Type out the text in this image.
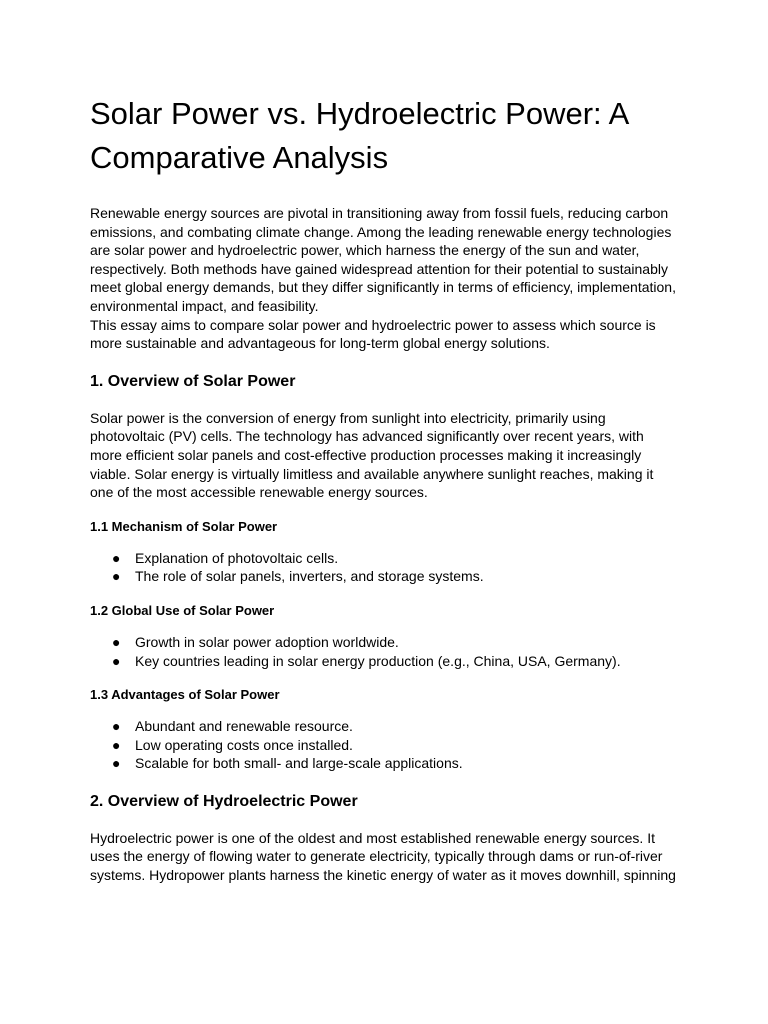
Solar Power vs. Hydroelectric Power: A Comparative Analysis

Renewable energy sources are pivotal in transitioning away from fossil fuels, reducing carbon emissions, and combating climate change. Among the leading renewable energy technologies are solar power and hydroelectric power, which harness the energy of the sun and water, respectively. Both methods have gained widespread attention for their potential to sustainably meet global energy demands, but they differ significantly in terms of efficiency, implementation, environmental impact, and feasibility.

This essay aims to compare solar power and hydroelectric power to assess which source is more sustainable and advantageous for long-term global energy solutions.

1. Overview of Solar Power

Solar power is the conversion of energy from sunlight into electricity, primarily using photovoltaic (PV) cells. The technology has advanced significantly over recent years, with more efficient solar panels and cost-effective production processes making it increasingly viable. Solar energy is virtually limitless and available anywhere sunlight reaches, making it one of the most accessible renewable energy sources.

1.1 Mechanism of Solar Power
● Explanation of photovoltaic cells.
● The role of solar panels, inverters, and storage systems.
1.2 Global Use of Solar Power
● Growth in solar power adoption worldwide.
● Key countries leading in solar energy production (e.g., China, USA, Germany).
1.3 Advantages of Solar Power
● Abundant and renewable resource.
● Low operating costs once installed.
● Scalable for both small- and large-scale applications.
2. Overview of Hydroelectric Power

Hydroelectric power is one of the oldest and most established renewable energy sources. It uses the energy of flowing water to generate electricity, typically through dams or run-of-river systems. Hydropower plants harness the kinetic energy of water as it moves downhill, spinning
